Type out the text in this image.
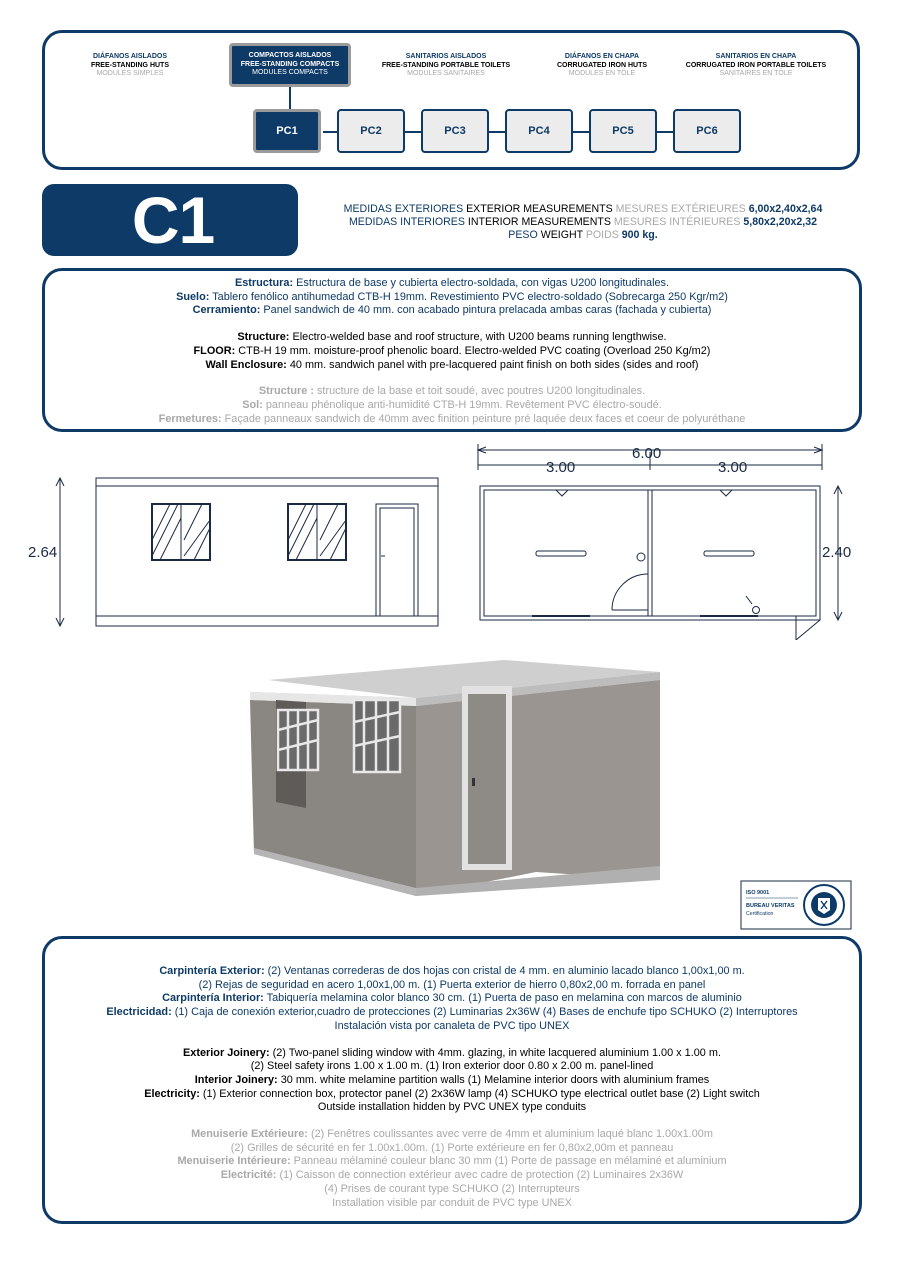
DIÁFANOS AISLADOS
FREE-STANDING HUTS
MODULES SIMPLES
COMPACTOS AISLADOS
FREE-STANDING COMPACTS
MODULES COMPACTS
SANITARIOS AISLADOS
FREE-STANDING PORTABLE TOILETS
MODULES SANITAIRES
DIÁFANOS EN CHAPA
CORRUGATED IRON HUTS
MODULES EN TÔLE
SANITARIOS EN CHAPA
CORRUGATED IRON PORTABLE TOILETS
SANITAIRES EN TÔLE
PC1	PC2	PC3	PC4	PC5	PC6
C1	MEDIDAS EXTERIORES EXTERIOR MEASUREMENTS MESURES EXTÉRIEURES 6,00x2,40x2,64
MEDIDAS INTERIORES INTERIOR MEASUREMENTS MESURES INTÉRIEURES 5,80x2,20x2,32
PESO WEIGHT POIDS 900 kg.

Estructura: Estructura de base y cubierta electro-soldada, con vigas U200 longitudinales.

Suelo: Tablero fenólico antihumedad CTB-H 19mm. Revestimiento PVC electro-soldado (Sobrecarga 250 Kgr/m2)

Cerramiento: Panel sandwich de 40 mm. con acabado pintura prelacada ambas caras (fachada y cubierta)

Structure: Electro-welded base and roof structure, with U200 beams running lengthwise.

FLOOR: CTB-H 19 mm. moisture-proof phenolic board. Electro-welded PVC coating (Overload 250 Kg/m2)

Wall Enclosure: 40 mm. sandwich panel with pre-lacquered paint finish on both sides (sides and roof)

Structure : structure de la base et toit soudé, avec poutres U200 longitudinales.

Sol: panneau phénolique anti-humidité CTB-H 19mm. Revêtement PVC électro-soudé.

Fermetures: Façade panneaux sandwich de 40mm avec finition peinture pré laquée deux faces et coeur de polyuréthane

2.64
6.00
3.00	3.00
2.40
ISO 9001
BUREAU VERITAS
Certification

Carpintería Exterior: (2) Ventanas correderas de dos hojas con cristal de 4 mm. en aluminio lacado blanco 1,00x1,00 m.

(2) Rejas de seguridad en acero 1,00x1,00 m. (1) Puerta exterior de hierro 0,80x2,00 m. forrada en panel

Carpintería Interior: Tabiquería melamina color blanco 30 cm. (1) Puerta de paso en melamina con marcos de aluminio

Electricidad: (1) Caja de conexión exterior,cuadro de protecciones (2) Luminarias 2x36W (4) Bases de enchufe tipo SCHUKO (2) Interruptores

Instalación vista por canaleta de PVC tipo UNEX

Exterior Joinery: (2) Two-panel sliding window with 4mm. glazing, in white lacquered aluminium 1.00 x 1.00 m.

(2) Steel safety irons 1.00 x 1.00 m. (1) Iron exterior door 0.80 x 2.00 m. panel-lined

Interior Joinery: 30 mm. white melamine partition walls (1) Melamine interior doors with aluminium frames

Electricity: (1) Exterior connection box, protector panel (2) 2x36W lamp (4) SCHUKO type electrical outlet base (2) Light switch

Outside installation hidden by PVC UNEX type conduits

Menuiserie Extérieure: (2) Fenêtres coulissantes avec verre de 4mm et aluminium laqué blanc 1.00x1.00m

(2) Grilles de sécurité en fer 1.00x1.00m. (1) Porte extérieure en fer 0,80x2,00m et panneau

Menuiserie Intérieure: Panneau mélaminé couleur blanc 30 mm (1) Porte de passage en mélaminé et aluminium

Electricité: (1) Caisson de connection extérieur avec cadre de protection (2) Luminaires 2x36W

(4) Prises de courant type SCHUKO (2) Interrupteurs

Installation visible par conduit de PVC type UNEX
